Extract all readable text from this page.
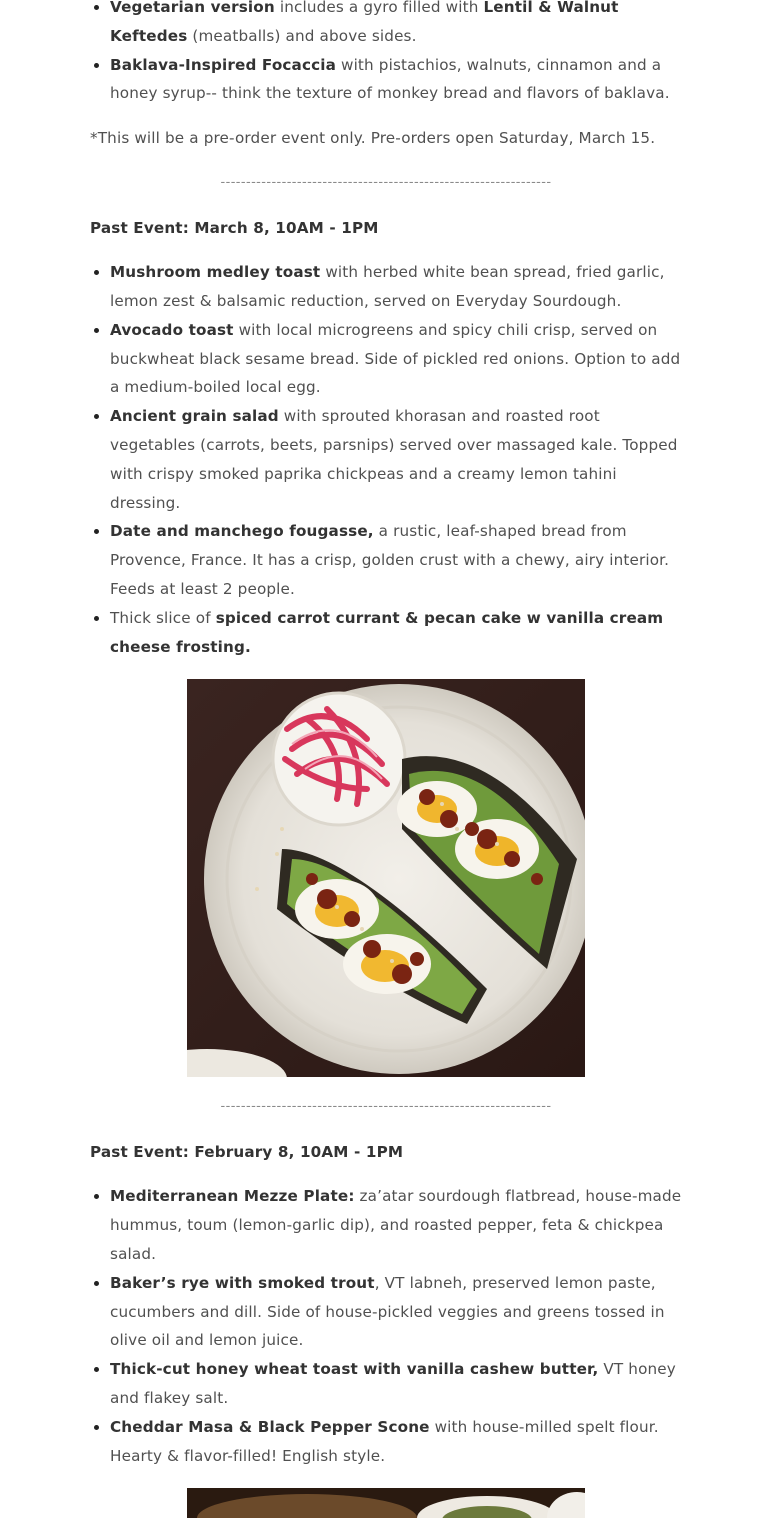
• Vegetarian version includes a gyro filled with Lentil & Walnut Keftedes (meatballs) and above sides.
• Baklava-Inspired Focaccia with pistachios, walnuts, cinnamon and a honey syrup-- think the texture of monkey bread and flavors of baklava.

*This will be a pre-order event only. Pre-orders open Saturday, March 15.

-----------------------------------------------------------------

Past Event: March 8, 10AM - 1PM

• Mushroom medley toast with herbed white bean spread, fried garlic, lemon zest & balsamic reduction, served on Everyday Sourdough.
• Avocado toast with local microgreens and spicy chili crisp, served on buckwheat black sesame bread. Side of pickled red onions. Option to add a medium-boiled local egg.
• Ancient grain salad with sprouted khorasan and roasted root vegetables (carrots, beets, parsnips) served over massaged kale. Topped with crispy smoked paprika chickpeas and a creamy lemon tahini dressing.
• Date and manchego fougasse, a rustic, leaf-shaped bread from Provence, France. It has a crisp, golden crust with a chewy, airy interior. Feeds at least 2 people.
• Thick slice of spiced carrot currant & pecan cake w vanilla cream cheese frosting.
-----------------------------------------------------------------

Past Event: February 8, 10AM - 1PM

• Mediterranean Mezze Plate: za’atar sourdough flatbread, house-made hummus, toum (lemon-garlic dip), and roasted pepper, feta & chickpea salad.
• Baker’s rye with smoked trout, VT labneh, preserved lemon paste, cucumbers and dill. Side of house-pickled veggies and greens tossed in olive oil and lemon juice.
• Thick-cut honey wheat toast with vanilla cashew butter, VT honey and flakey salt.
• Cheddar Masa & Black Pepper Scone with house-milled spelt flour. Hearty & flavor-filled! English style.
